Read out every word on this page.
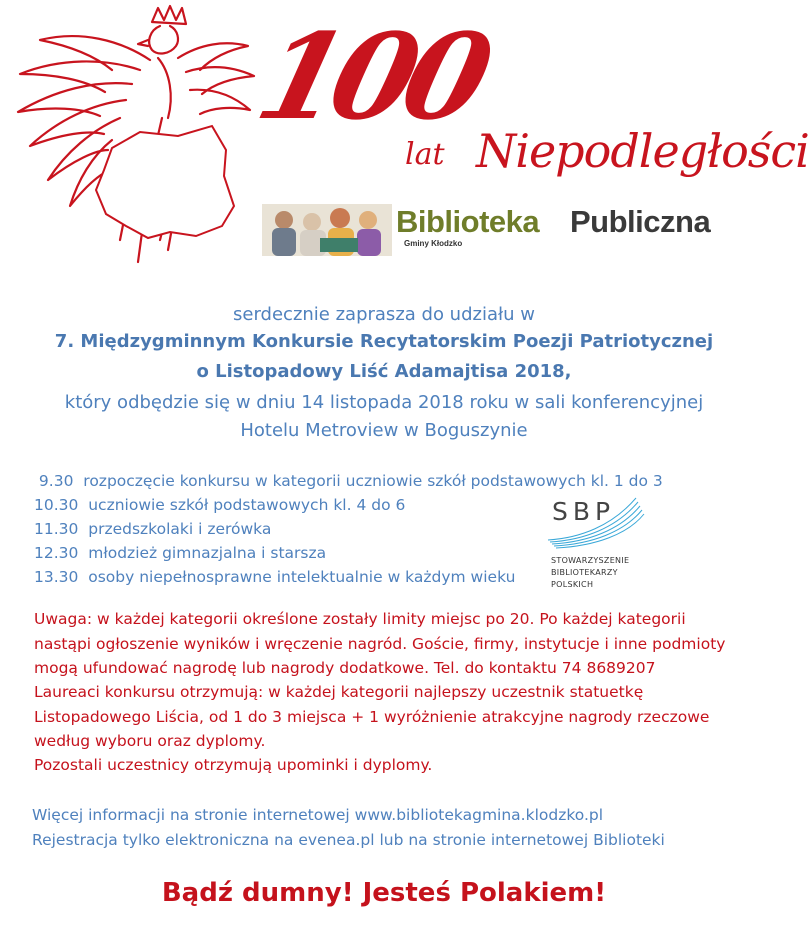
100
lat Niepodległości
Biblioteka Publiczna
Gminy Kłodzko
serdecznie zaprasza do udziału w
7. Międzygminnym Konkursie Recytatorskim Poezji Patriotycznej
o Listopadowy Liść Adamajtisa 2018,
który odbędzie się w dniu 14 listopada 2018 roku w sali konferencyjnej
Hotelu Metroview w Boguszynie
9.30  rozpoczęcie konkursu w kategorii uczniowie szkół podstawowych kl. 1 do 3
10.30  uczniowie szkół podstawowych kl. 4 do 6
11.30  przedszkolaki i zerówka
12.30  młodzież gimnazjalna i starsza
13.30  osoby niepełnosprawne intelektualnie w każdym wieku
SBP
STOWARZYSZENIE
BIBLIOTEKARZY
POLSKICH
Uwaga: w każdej kategorii określone zostały limity miejsc po 20. Po każdej kategorii
nastąpi ogłoszenie wyników i wręczenie nagród. Goście, firmy, instytucje i inne podmioty
mogą ufundować nagrodę lub nagrody dodatkowe. Tel. do kontaktu 74 8689207
Laureaci konkursu otrzymują: w każdej kategorii najlepszy uczestnik statuetkę
Listopadowego Liścia, od 1 do 3 miejsca + 1 wyróżnienie atrakcyjne nagrody rzeczowe
według wyboru oraz dyplomy.
Pozostali uczestnicy otrzymują upominki i dyplomy.
Więcej informacji na stronie internetowej www.bibliotekagmina.klodzko.pl
Rejestracja tylko elektroniczna na evenea.pl lub na stronie internetowej Biblioteki
Bądź dumny! Jesteś Polakiem!
